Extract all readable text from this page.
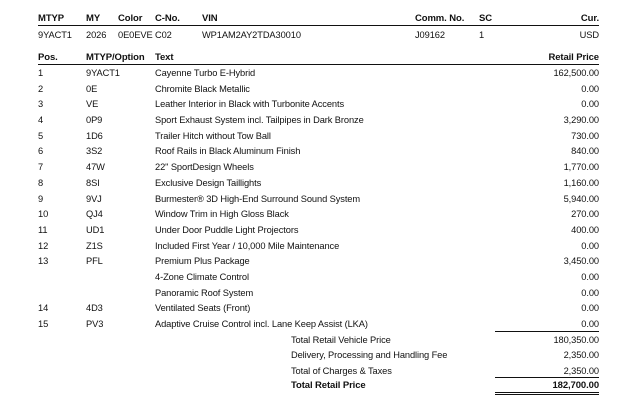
MTYP MY Color C-No. VIN	Comm. No. SC	Cur.
9YACT1 2026 0E0EVE C02	WP1AM2AY2TDA30010	J09162	1	USD
Pos.	MTYP/Option Text	Retail Price
1	9YACT1	Cayenne Turbo E-Hybrid	162,500.00
2	0E	Chromite Black Metallic	0.00
3	VE	Leather Interior in Black with Turbonite Accents	0.00
4	0P9	Sport Exhaust System incl. Tailpipes in Dark Bronze	3,290.00
5	1D6	Trailer Hitch without Tow Ball	730.00
6	3S2	Roof Rails in Black Aluminum Finish	840.00
7	47W	22" SportDesign Wheels	1,770.00
8	8SI	Exclusive Design Taillights	1,160.00
9	9VJ	Burmester® 3D High-End Surround Sound System	5,940.00
10	QJ4	Window Trim in High Gloss Black	270.00
11	UD1	Under Door Puddle Light Projectors	400.00
12	Z1S	Included First Year / 10,000 Mile Maintenance	0.00
13	PFL	Premium Plus Package	3,450.00
4-Zone Climate Control	0.00
Panoramic Roof System	0.00
14	4D3	Ventilated Seats (Front)	0.00
15	PV3	Adaptive Cruise Control incl. Lane Keep Assist (LKA)	0.00
Total Retail Vehicle Price	180,350.00
Delivery, Processing and Handling Fee	2,350.00
Total of Charges & Taxes	2,350.00
Total Retail Price	182,700.00
